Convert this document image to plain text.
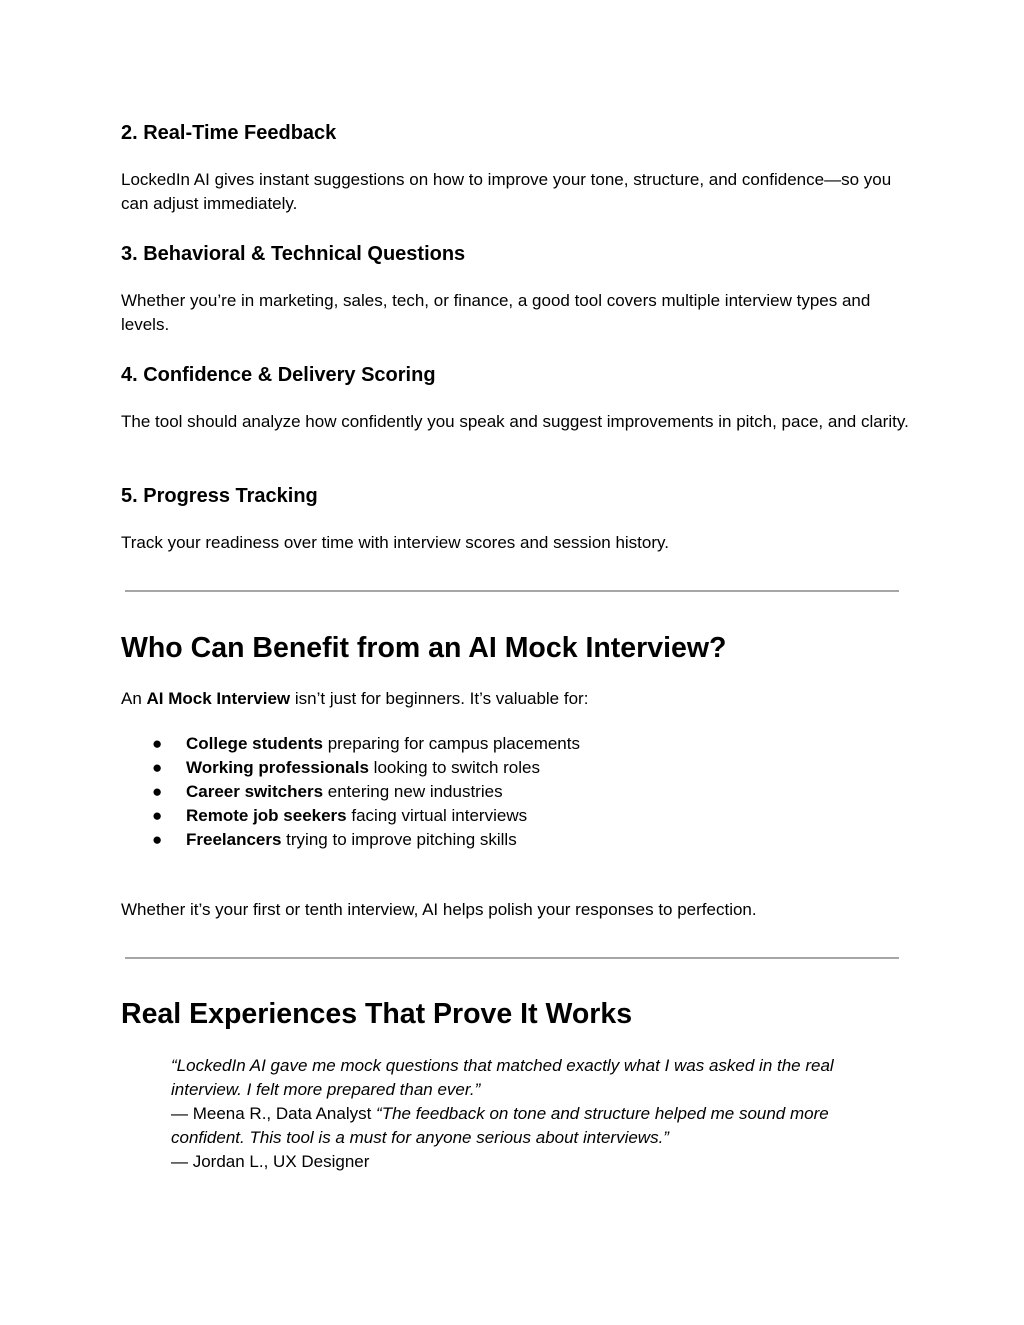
2. Real-Time Feedback

LockedIn AI gives instant suggestions on how to improve your tone, structure, and confidence—so you can adjust immediately.

3. Behavioral & Technical Questions

Whether you’re in marketing, sales, tech, or finance, a good tool covers multiple interview types and levels.

4. Confidence & Delivery Scoring

The tool should analyze how confidently you speak and suggest improvements in pitch, pace, and clarity.

5. Progress Tracking

Track your readiness over time with interview scores and session history.

Who Can Benefit from an AI Mock Interview?

An AI Mock Interview isn’t just for beginners. It’s valuable for:

●	College students preparing for campus placements
●	Working professionals looking to switch roles
●	Career switchers entering new industries
●	Remote job seekers facing virtual interviews
●	Freelancers trying to improve pitching skills

Whether it’s your first or tenth interview, AI helps polish your responses to perfection.

Real Experiences That Prove It Works

“LockedIn AI gave me mock questions that matched exactly what I was asked in the real interview. I felt more prepared than ever.”
— Meena R., Data Analyst “The feedback on tone and structure helped me sound more confident. This tool is a must for anyone serious about interviews.”
— Jordan L., UX Designer
